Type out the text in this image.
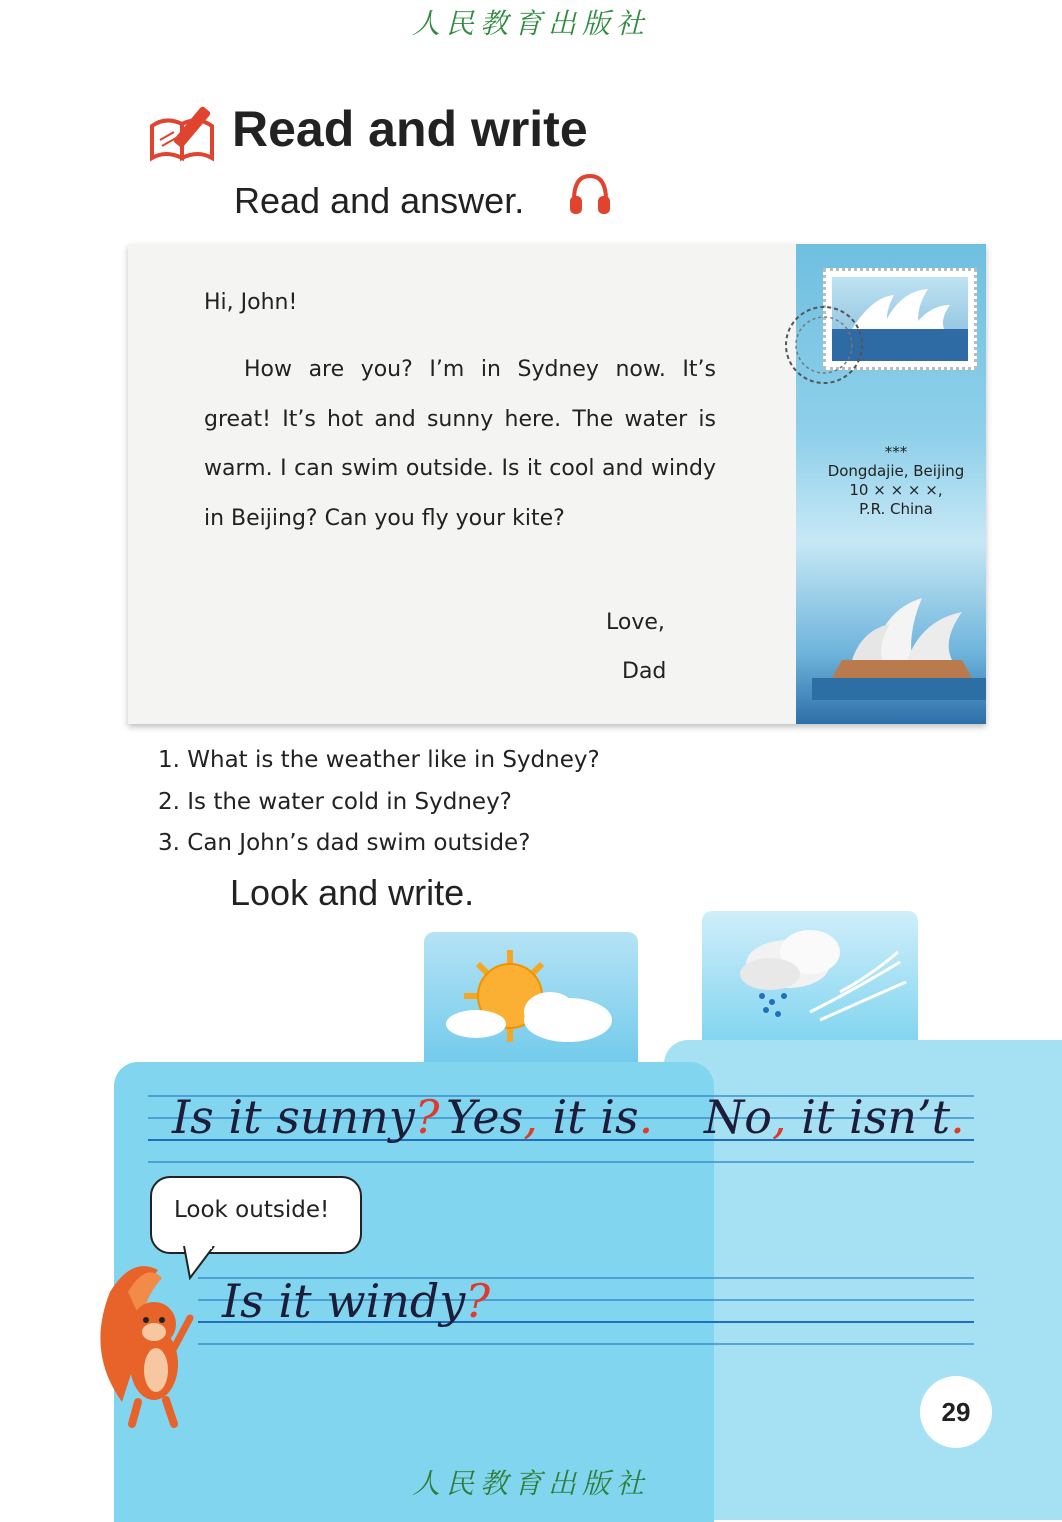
人民教育出版社
Read and write
Read and answer.
Hi, John!
How are you? I’m in Sydney now. It’s great! It’s hot and sunny here. The water is warm. I can swim outside. Is it cool and windy in Beijing? Can you fly your kite?
Love,
Dad
***
Dongdajie, Beijing
10 × × × ×,
P.R. China
1. What is the weather like in Sydney?
2. Is the water cold in Sydney?
3. Can John’s dad swim outside?
Look and write.
Is it sunny? Yes, it is. No, it isn’t.
Look outside!
Is it windy?
29
人民教育出版社
